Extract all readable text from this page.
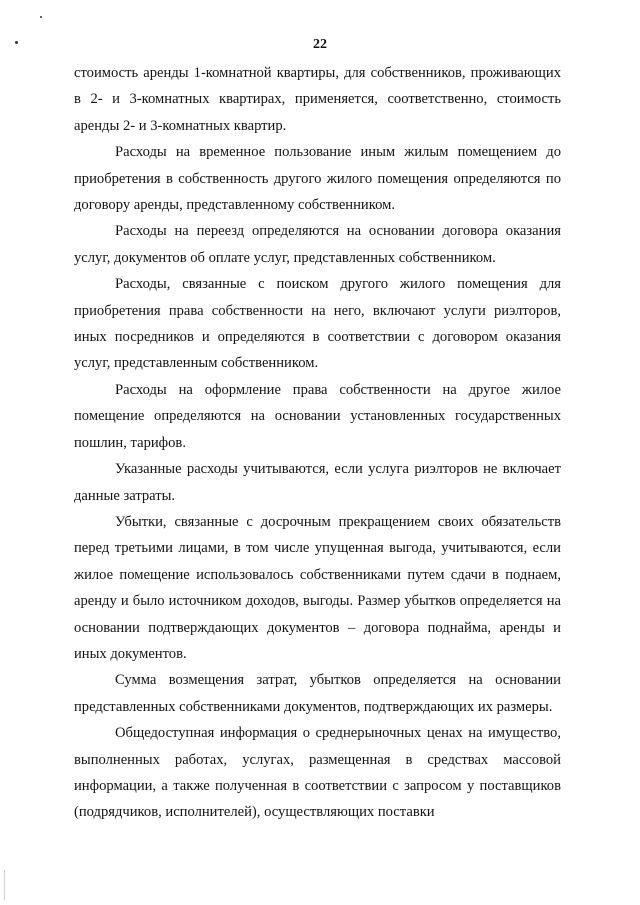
22

стоимость аренды 1-комнатной квартиры, для собственников, проживающих в 2- и 3-комнатных квартирах, применяется, соответственно, стоимость аренды 2- и 3-комнатных квартир.

Расходы на временное пользование иным жилым помещением до приобретения в собственность другого жилого помещения определяются по договору аренды, представленному собственником.

Расходы на переезд определяются на основании договора оказания услуг, документов об оплате услуг, представленных собственником.

Расходы, связанные с поиском другого жилого помещения для приобретения права собственности на него, включают услуги риэлторов, иных посредников и определяются в соответствии с договором оказания услуг, представленным собственником.

Расходы на оформление права собственности на другое жилое помещение определяются на основании установленных государственных пошлин, тарифов.

Указанные расходы учитываются, если услуга риэлторов не включает данные затраты.

Убытки, связанные с досрочным прекращением своих обязательств перед третьими лицами, в том числе упущенная выгода, учитываются, если жилое помещение использовалось собственниками путем сдачи в поднаем, аренду и было источником доходов, выгоды. Размер убытков определяется на основании подтверждающих документов – договора поднайма, аренды и иных документов.

Сумма возмещения затрат, убытков определяется на основании представленных собственниками документов, подтверждающих их размеры.

Общедоступная информация о среднерыночных ценах на имущество, выполненных работах, услугах, размещенная в средствах массовой информации, а также полученная в соответствии с запросом у поставщиков (подрядчиков, исполнителей), осуществляющих поставки
